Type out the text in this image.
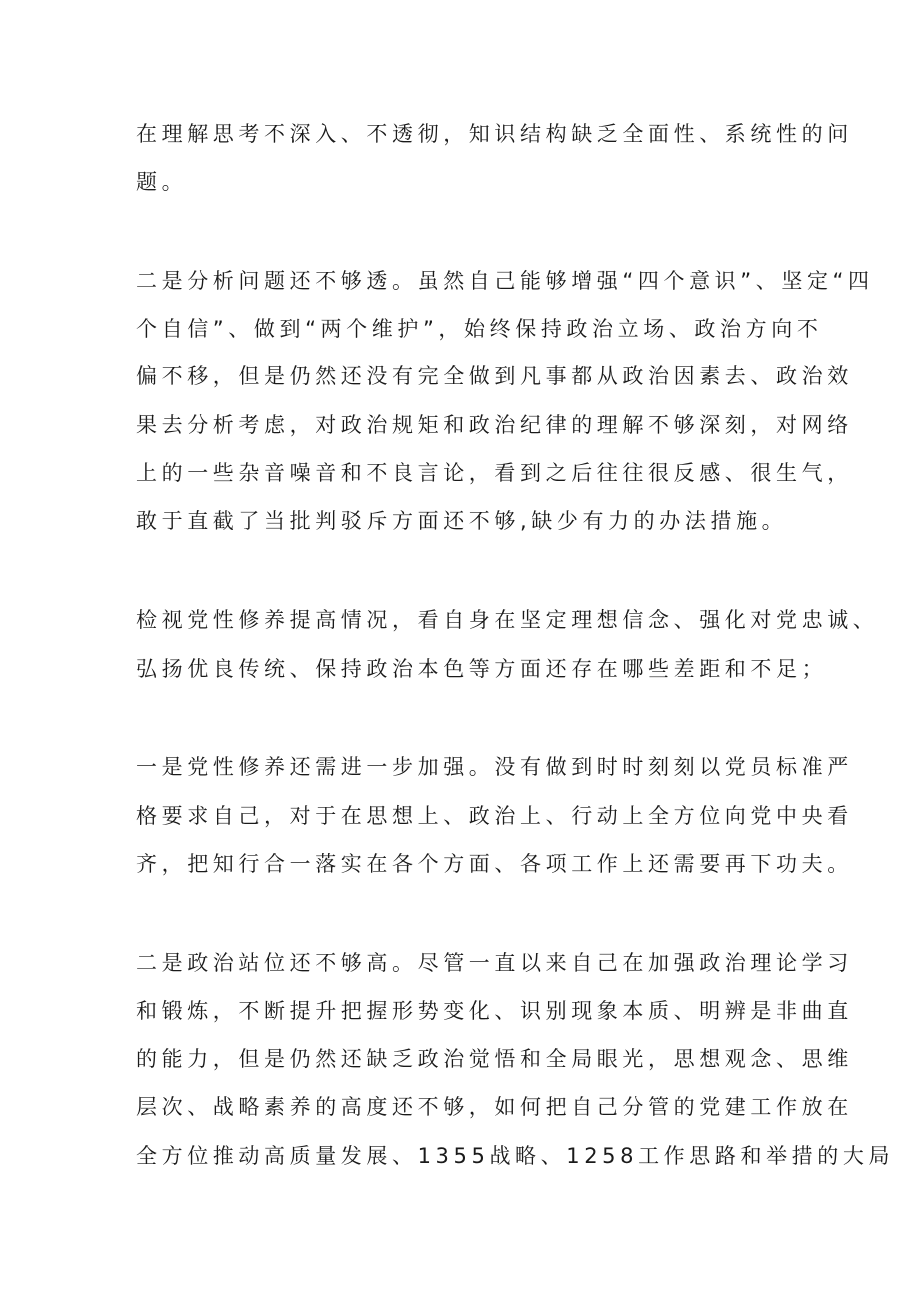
在理解思考不深入、不透彻，知识结构缺乏全面性、系统性的问

题。

二是分析问题还不够透。虽然自己能够增强“四个意识”、坚定“四

个自信”、做到“两个维护”，始终保持政治立场、政治方向不

偏不移，但是仍然还没有完全做到凡事都从政治因素去、政治效

果去分析考虑，对政治规矩和政治纪律的理解不够深刻，对网络

上的一些杂音噪音和不良言论，看到之后往往很反感、很生气，

敢于直截了当批判驳斥方面还不够,缺少有力的办法措施。

检视党性修养提高情况，看自身在坚定理想信念、强化对党忠诚、

弘扬优良传统、保持政治本色等方面还存在哪些差距和不足；

一是党性修养还需进一步加强。没有做到时时刻刻以党员标准严

格要求自己，对于在思想上、政治上、行动上全方位向党中央看

齐，把知行合一落实在各个方面、各项工作上还需要再下功夫。

二是政治站位还不够高。尽管一直以来自己在加强政治理论学习

和锻炼，不断提升把握形势变化、识别现象本质、明辨是非曲直

的能力，但是仍然还缺乏政治觉悟和全局眼光，思想观念、思维

层次、战略素养的高度还不够，如何把自己分管的党建工作放在

全方位推动高质量发展、1355战略、1258工作思路和举措的大局
